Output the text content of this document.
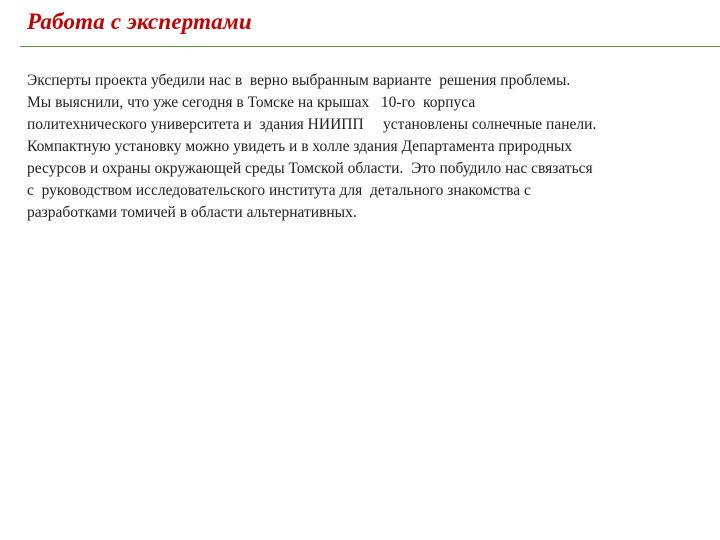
Работа с экспертами

Эксперты проекта убедили нас в  верно выбранным варианте  решения проблемы.
Мы выяснили, что уже сегодня в Томске на крышах   10-го  корпуса
политехнического университета и  здания НИИПП     установлены солнечные панели.
Компактную установку можно увидеть и в холле здания Департамента природных
ресурсов и охраны окружающей среды Томской области.  Это побудило нас связаться
с  руководством исследовательского института для  детального знакомства с
разработками томичей в области альтернативных.
